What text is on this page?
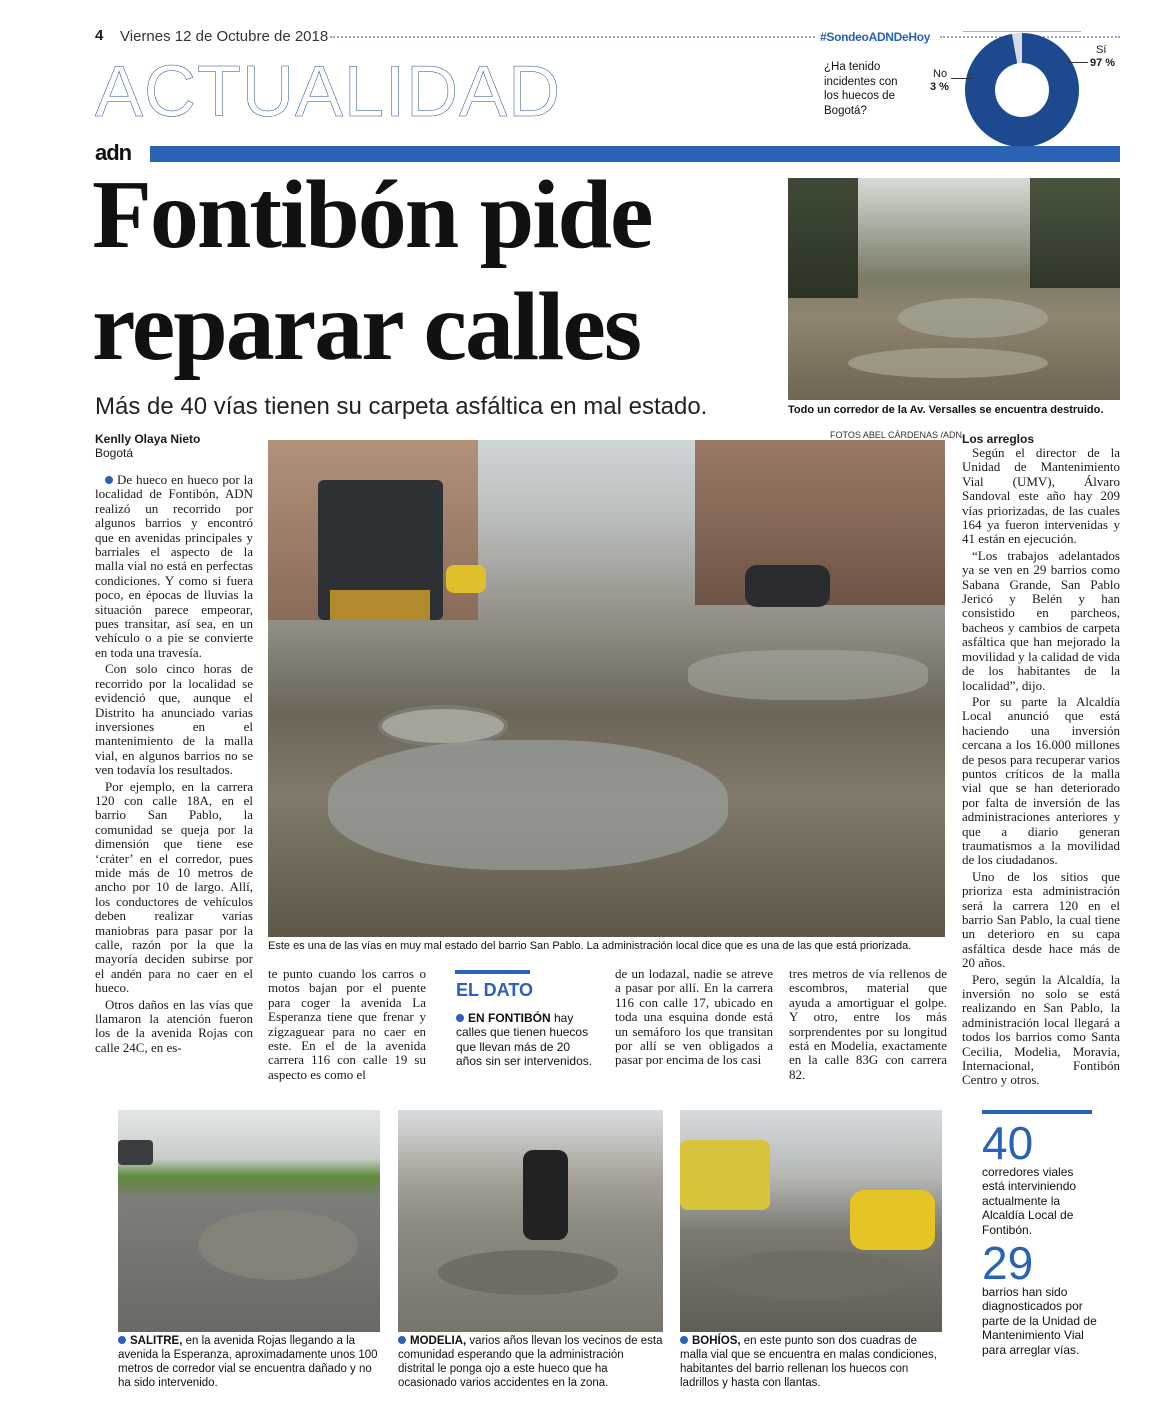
4 Viernes 12 de Octubre de 2018
ACTUALIDAD
#SondeoADNDeHoy
¿Ha tenido incidentes con los huecos de Bogotá?
No
3 %
Sí
97 %
adn
Fontibón pide
reparar calles
Más de 40 vías tienen su carpeta asfáltica en mal estado.	Todo un corredor de la Av. Versalles se encuentra destruido.
Kenlly Olaya Nieto
Bogotá
FOTOS ABEL CÁRDENAS /ADN

De hueco en hueco por la localidad de Fontibón, ADN realizó un recorrido por algunos barrios y encontró que en avenidas principales y barriales el aspecto de la malla vial no está en perfectas condiciones. Y como si fuera poco, en épocas de lluvias la situación parece empeorar, pues transitar, así sea, en un vehículo o a pie se convierte en toda una travesía.

Con solo cinco horas de recorrido por la localidad se evidenció que, aunque el Distrito ha anunciado varias inversiones en el mantenimiento de la malla vial, en algunos barrios no se ven todavía los resultados.

Por ejemplo, en la carrera 120 con calle 18A, en el barrio San Pablo, la comunidad se queja por la dimensión que tiene ese ‘cráter’ en el corredor, pues mide más de 10 metros de ancho por 10 de largo. Allí, los conductores de vehículos deben realizar varias maniobras para pasar por la calle, razón por la que la mayoría deciden subirse por el andén para no caer en el hueco.

Otros daños en las vías que llamaron la atención fueron los de la avenida Rojas con calle 24C, en es-

Este es una de las vías en muy mal estado del barrio San Pablo. La administración local dice que es una de las que está priorizada.

te punto cuando los carros o motos bajan por el puente para coger la avenida La Esperanza tiene que frenar y zigzaguear para no caer en este. En el de la avenida carrera 116 con calle 19 su aspecto es como el

EL DATO
EN FONTIBÓN hay calles que tienen huecos que llevan más de 20 años sin ser intervenidos.

de un lodazal, nadie se atreve a pasar por allí. En la carrera 116 con calle 17, ubicado en toda una esquina donde está un semáforo los que transitan por allí se ven obligados a pasar por encima de los casi

tres metros de vía rellenos de escombros, material que ayuda a amortiguar el golpe. Y otro, entre los más sorprendentes por su longitud está en Modelia, exactamente en la calle 83G con carrera 82.

Los arreglos

Según el director de la Unidad de Mantenimiento Vial (UMV), Álvaro Sandoval este año hay 209 vías priorizadas, de las cuales 164 ya fueron intervenidas y 41 están en ejecución.

“Los trabajos adelantados ya se ven en 29 barrios como Sabana Grande, San Pablo Jericó y Belén y han consistido en parcheos, bacheos y cambios de carpeta asfáltica que han mejorado la movilidad y la calidad de vida de los habitantes de la localidad”, dijo.

Por su parte la Alcaldía Local anunció que está haciendo una inversión cercana a los 16.000 millones de pesos para recuperar varios puntos críticos de la malla vial que se han deteriorado por falta de inversión de las administraciones anteriores y que a diario generan traumatismos a la movilidad de los ciudadanos.

Uno de los sitios que prioriza esta administración será la carrera 120 en el barrio San Pablo, la cual tiene un deterioro en su capa asfáltica desde hace más de 20 años.

Pero, según la Alcaldía, la inversión no solo se está realizando en San Pablo, la administración local llegará a todos los barrios como Santa Cecilia, Modelia, Moravia, Internacional, Fontibón Centro y otros.

SALITRE, en la avenida Rojas llegando a la avenida la Esperanza, aproximadamente unos 100 metros de corredor vial se encuentra dañado y no ha sido intervenido.
MODELIA, varios años llevan los vecinos de esta comunidad esperando que la administración distrital le ponga ojo a este hueco que ha ocasionado varios accidentes en la zona.
BOHÍOS, en este punto son dos cuadras de malla vial que se encuentra en malas condiciones, habitantes del barrio rellenan los huecos con ladrillos y hasta con llantas.
40
corredores viales está interviniendo actualmente la Alcaldía Local de Fontibón.
29
barrios han sido diagnosticados por parte de la Unidad de Mantenimiento Vial para arreglar vías.
